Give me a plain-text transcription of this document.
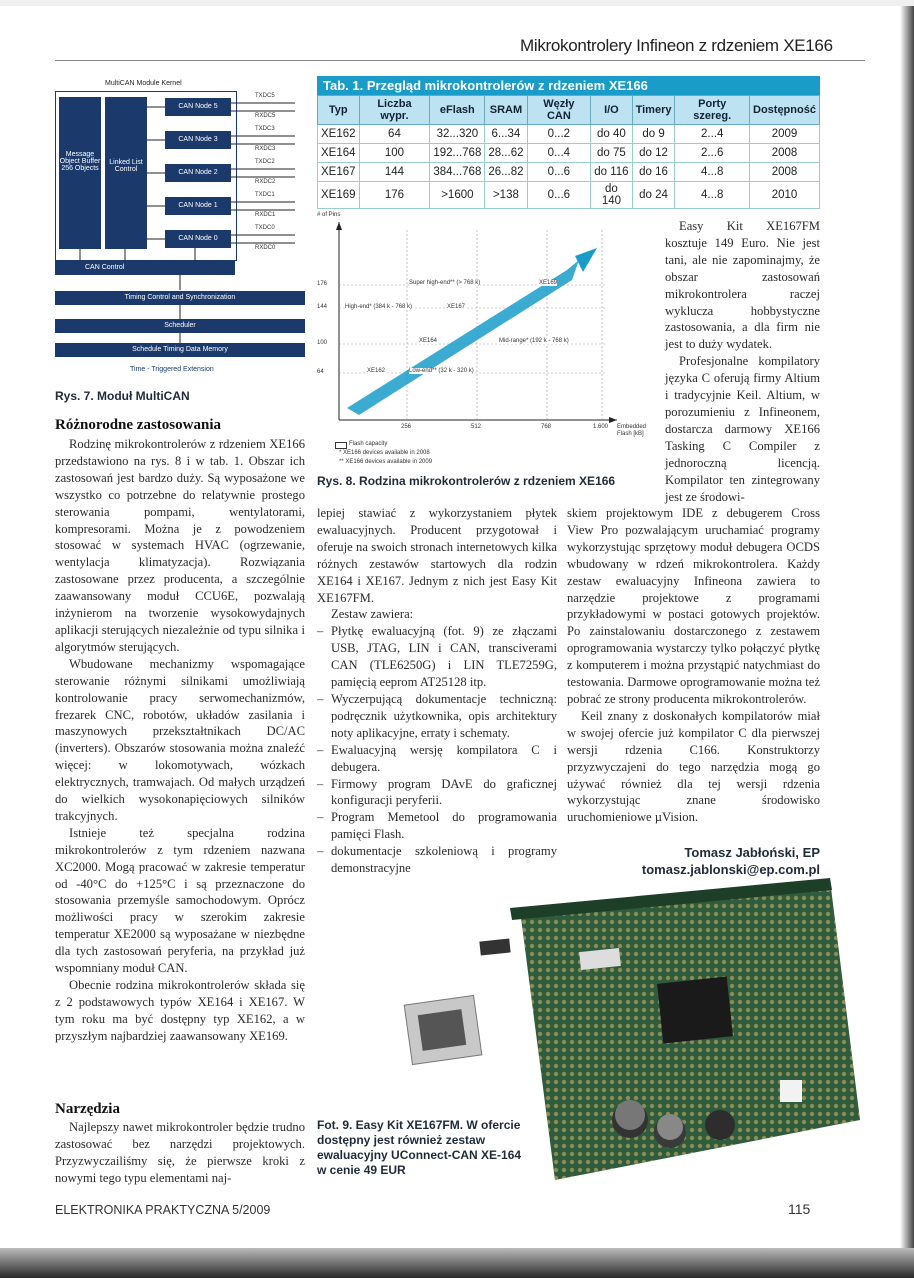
Mikrokontrolery Infineon z rdzeniem XE166
MultiCAN Module Kernel
Message Object Buffer 256 Objects
Linked List Control
CAN Node 5
CAN Node 3
CAN Node 2
CAN Node 1
CAN Node 0
TXDC5
RXDC5
TXDC3
RXDC3
TXDC2
RXDC2
TXDC1
RXDC1
TXDC0
RXDC0
CAN Control
Timing Control and Synchronization
Scheduler
Schedule Timing Data Memory
Time - Triggered Extension
Rys. 7. Moduł MultiCAN
Tab. 1. Przegląd mikrokontrolerów z rdzeniem XE166
Typ	Liczba wypr.	eFlash	SRAM	Węzły CAN	I/O	Timery	Porty szereg.	Dostępność
XE162	64	32...320	6...34	0...2	do 40	do 9	2...4	2009
XE164	100	192...768	28...62	0...4	do 75	do 12	2...6	2008
XE167	144	384...768	26...82	0...6	do 116	do 16	4...8	2008
XE169	176	>1600	>138	0...6	do 140	do 24	4...8	2010
# of Pins
176
144
100
64
256	512	768	1.600 Embedded Flash [kB]
Super high-end** (> 768 k)	XE169
High-end* (384 k - 768 k)	XE167
XE164	Mid-range* (192 k - 768 k)
XE162	Low-end** (32 k - 320 k)
Flash capacity
* XE166 devices available in 2008
** XE166 devices available in 2009
Rys. 8. Rodzina mikrokontrolerów z rdzeniem XE166
Różnorodne zastosowania

Rodzinę mikrokontrolerów z rdzeniem XE166 przedstawiono na rys. 8 i w tab. 1. Obszar ich zastosowań jest bardzo duży. Są wyposażone we wszystko co potrzebne do relatywnie prostego sterowania pompami, wentylatorami, kompresorami. Można je z powodzeniem stosować w systemach HVAC (ogrzewanie, wentylacja klimatyzacja). Rozwiązania zastosowane przez producenta, a szczególnie zaawansowany moduł CCU6E, pozwalają inżynierom na tworzenie wysokowydajnych aplikacji sterujących niezależnie od typu silnika i algorytmów sterujących.

Wbudowane mechanizmy wspomagające sterowanie różnymi silnikami umożliwiają kontrolowanie pracy serwomechanizmów, frezarek CNC, robotów, układów zasilania i maszynowych przekształtnikach DC/AC (inverters). Obszarów stosowania można znaleźć więcej: w lokomotywach, wózkach elektrycznych, tramwajach. Od małych urządzeń do wielkich wysokonapięciowych silników trakcyjnych.

Istnieje też specjalna rodzina mikrokontrolerów z tym rdzeniem nazwana XC2000. Mogą pracować w zakresie temperatur od -40°C do +125°C i są przeznaczone do stosowania przemyśle samochodowym. Oprócz możliwości pracy w szerokim zakresie temperatur XE2000 są wyposażane w niezbędne dla tych zastosowań peryferia, na przykład już wspomniany moduł CAN.

Obecnie rodzina mikrokontrolerów składa się z 2 podstawowych typów XE164 i XE167. W tym roku ma być dostępny typ XE162, a w przyszłym najbardziej zaawansowany XE169.

Narzędzia

Najlepszy nawet mikrokontroler będzie trudno zastosować bez narzędzi projektowych. Przyzwyczailiśmy się, że pierwsze kroki z nowymi tego typu elementami naj-

lepiej stawiać z wykorzystaniem płytek ewaluacyjnych. Producent przygotował i oferuje na swoich stronach internetowych kilka różnych zestawów startowych dla rodzin XE164 i XE167. Jednym z nich jest Easy Kit XE167FM.

Zestaw zawiera:

– Płytkę ewaluacyjną (fot. 9) ze złączami USB, JTAG, LIN i CAN, transciverami CAN (TLE6250G) i LIN TLE7259G, pamięcią eeprom AT25128 itp.
– Wyczerpującą dokumentacje techniczną: podręcznik użytkownika, opis architektury noty aplikacyjne, erraty i schematy.
– Ewaluacyjną wersję kompilatora C i debugera.
– Firmowy program DAvE do graficznej konfiguracji peryferii.
– Program Memetool do programowania pamięci Flash.
– dokumentacje szkoleniową i programy demonstracyjne

Easy Kit XE167FM kosztuje 149 Euro. Nie jest tani, ale nie zapominajmy, że obszar zastosowań mikrokontrolera raczej wyklucza hobbystyczne zastosowania, a dla firm nie jest to duży wydatek.

Profesjonalne kompilatory języka C oferują firmy Altium i tradycyjnie Keil. Altium, w porozumieniu z Infineonem, dostarcza darmowy XE166 Tasking C Compiler z jednoroczną licencją. Kompilator ten zintegrowany jest ze środowi-

skiem projektowym IDE z debugerem Cross View Pro pozwalającym uruchamiać programy wykorzystując sprzętowy moduł debugera OCDS wbudowany w rdzeń mikrokontrolera. Każdy zestaw ewaluacyjny Infineona zawiera to narzędzie projektowe z programami przykładowymi w postaci gotowych projektów. Po zainstalowaniu dostarczonego z zestawem oprogramowania wystarczy tylko połączyć płytkę z komputerem i można przystąpić natychmiast do testowania. Darmowe oprogramowanie można też pobrać ze strony producenta mikrokontrolerów.

Keil znany z doskonałych kompilatorów miał w swojej ofercie już kompilator C dla pierwszej wersji rdzenia C166. Konstruktorzy przyzwyczajeni do tego narzędzia mogą go używać również dla tej wersji rdzenia wykorzystując znane środowisko uruchomieniowe µVision.

Tomasz Jabłoński, EP
tomasz.jablonski@ep.com.pl
Fot. 9. Easy Kit XE167FM. W ofercie dostępny jest również zestaw ewaluacyjny UConnect-CAN XE-164 w cenie 49 EUR
ELEKTRONIKA PRAKTYCZNA 5/2009	115
